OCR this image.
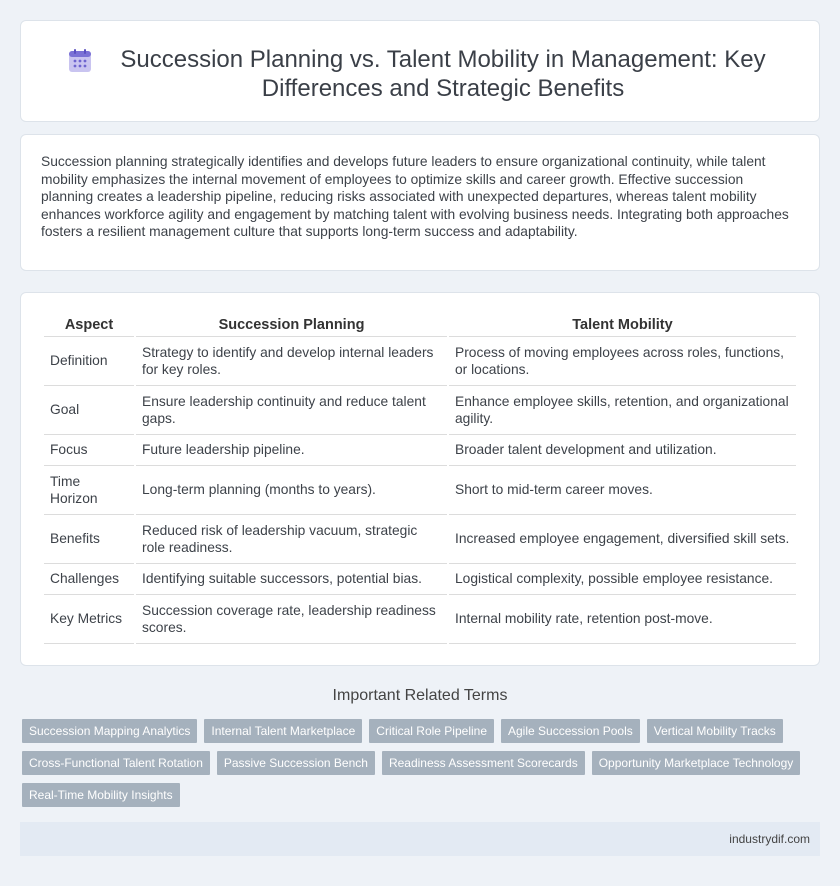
Succession Planning vs. Talent Mobility in Management: Key Differences and Strategic Benefits

Succession planning strategically identifies and develops future leaders to ensure organizational continuity, while talent mobility emphasizes the internal movement of employees to optimize skills and career growth. Effective succession planning creates a leadership pipeline, reducing risks associated with unexpected departures, whereas talent mobility enhances workforce agility and engagement by matching talent with evolving business needs. Integrating both approaches fosters a resilient management culture that supports long-term success and adaptability.

Aspect	Succession Planning	Talent Mobility
Definition	Strategy to identify and develop internal leaders for key roles.	Process of moving employees across roles, functions, or locations.
Goal	Ensure leadership continuity and reduce talent gaps.	Enhance employee skills, retention, and organizational agility.
Focus	Future leadership pipeline.	Broader talent development and utilization.
Time Horizon	Long-term planning (months to years).	Short to mid-term career moves.
Benefits	Reduced risk of leadership vacuum, strategic role readiness.	Increased employee engagement, diversified skill sets.
Challenges	Identifying suitable successors, potential bias.	Logistical complexity, possible employee resistance.
Key Metrics	Succession coverage rate, leadership readiness scores.	Internal mobility rate, retention post-move.
Important Related Terms
Succession Mapping Analytics	Internal Talent Marketplace	Critical Role Pipeline	Agile Succession Pools	Vertical Mobility Tracks
Cross-Functional Talent Rotation	Passive Succession Bench	Readiness Assessment Scorecards	Opportunity Marketplace Technology
Real-Time Mobility Insights
industrydif.com
